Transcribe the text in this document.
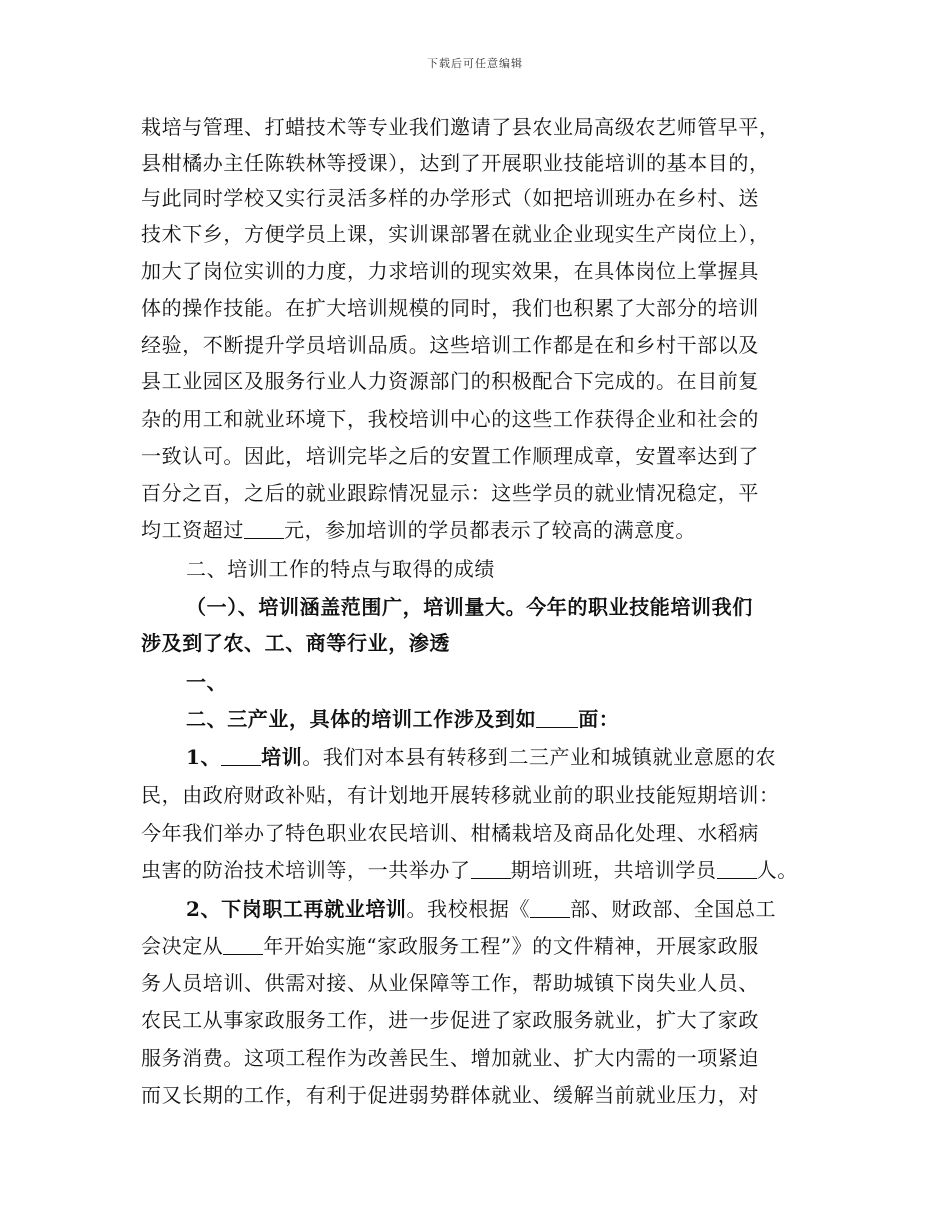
下载后可任意编辑
栽培与管理、打蜡技术等专业我们邀请了县农业局高级农艺师管早平，
县柑橘办主任陈轶林等授课），达到了开展职业技能培训的基本目的，
与此同时学校又实行灵活多样的办学形式（如把培训班办在乡村、送
技术下乡，方便学员上课，实训课部署在就业企业现实生产岗位上），
加大了岗位实训的力度，力求培训的现实效果，在具体岗位上掌握具
体的操作技能。在扩大培训规模的同时，我们也积累了大部分的培训
经验，不断提升学员培训品质。这些培训工作都是在和乡村干部以及
县工业园区及服务行业人力资源部门的积极配合下完成的。在目前复
杂的用工和就业环境下，我校培训中心的这些工作获得企业和社会的
一致认可。因此，培训完毕之后的安置工作顺理成章，安置率达到了
百分之百，之后的就业跟踪情况显示：这些学员的就业情况稳定，平
均工资超过 元，参加培训的学员都表示了较高的满意度。
二、培训工作的特点与取得的成绩
（一）、培训涵盖范围广，培训量大。今年的职业技能培训我们
涉及到了农、工、商等行业，渗透
一、
二、三产业，具体的培训工作涉及到如 面：
1、 培训。我们对本县有转移到二三产业和城镇就业意愿的农
民，由政府财政补贴，有计划地开展转移就业前的职业技能短期培训：
今年我们举办了特色职业农民培训、柑橘栽培及商品化处理、水稻病
虫害的防治技术培训等，一共举办了 期培训班，共培训学员 人。
2、下岗职工再就业培训。我校根据《 部、财政部、全国总工
会决定从 年开始实施“家政服务工程”》的文件精神，开展家政服
务人员培训、供需对接、从业保障等工作，帮助城镇下岗失业人员、
农民工从事家政服务工作，进一步促进了家政服务就业，扩大了家政
服务消费。这项工程作为改善民生、增加就业、扩大内需的一项紧迫
而又长期的工作，有利于促进弱势群体就业、缓解当前就业压力，对
